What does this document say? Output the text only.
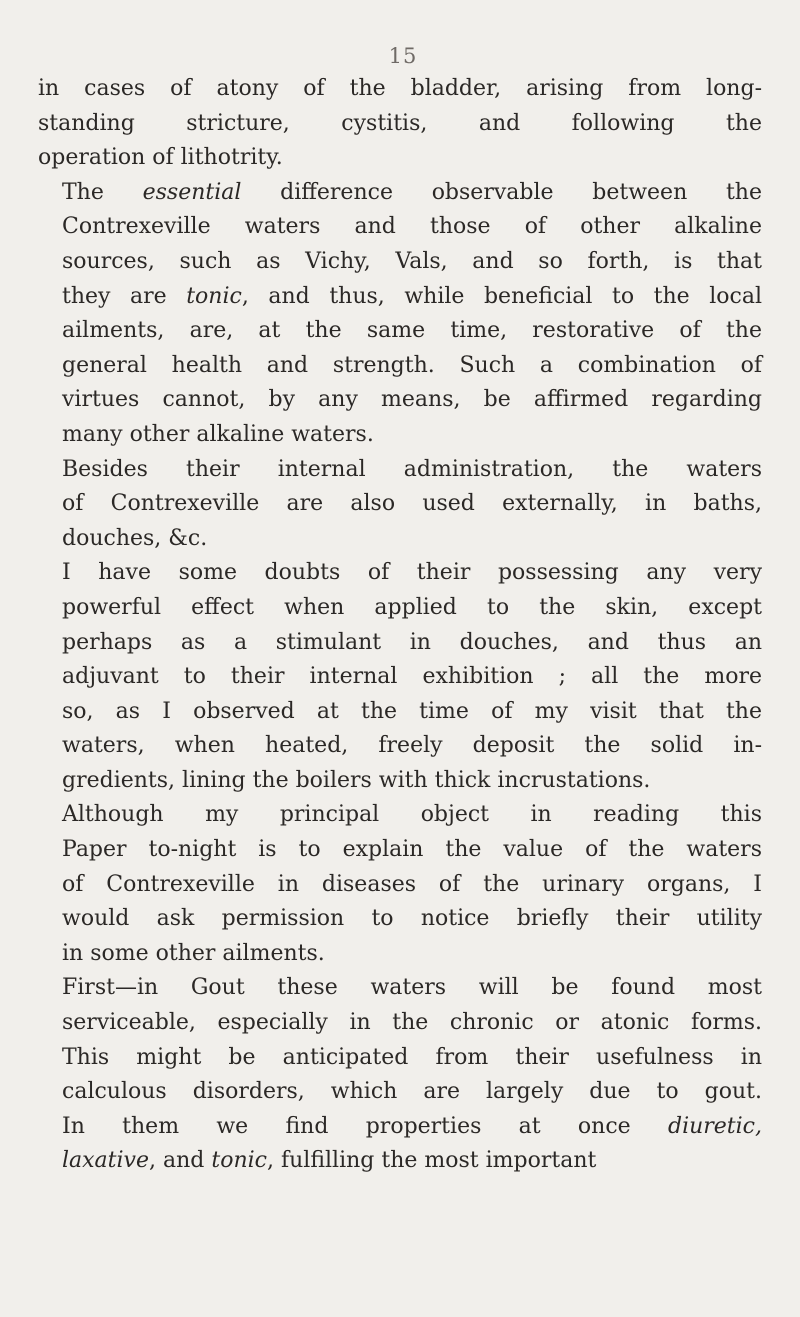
15

in cases of atony of the bladder, arising from long-
standing stricture, cystitis, and following the
operation of lithotrity.

The essential difference observable between the
Contrexeville waters and those of other alkaline
sources, such as Vichy, Vals, and so forth, is that
they are tonic, and thus, while beneficial to the local
ailments, are, at the same time, restorative of the
general health and strength. Such a combination of
virtues cannot, by any means, be affirmed regarding
many other alkaline waters.

Besides their internal administration, the waters
of Contrexeville are also used externally, in baths,
douches, &c.

I have some doubts of their possessing any very
powerful effect when applied to the skin, except
perhaps as a stimulant in douches, and thus an
adjuvant to their internal exhibition ; all the more
so, as I observed at the time of my visit that the
waters, when heated, freely deposit the solid in-
gredients, lining the boilers with thick incrustations.

Although my principal object in reading this
Paper to-night is to explain the value of the waters
of Contrexeville in diseases of the urinary organs, I
would ask permission to notice briefly their utility
in some other ailments.

First—in Gout these waters will be found most
serviceable, especially in the chronic or atonic forms.
This might be anticipated from their usefulness in
calculous disorders, which are largely due to gout.
In them we find properties at once diuretic,
laxative, and tonic, fulfilling the most important
